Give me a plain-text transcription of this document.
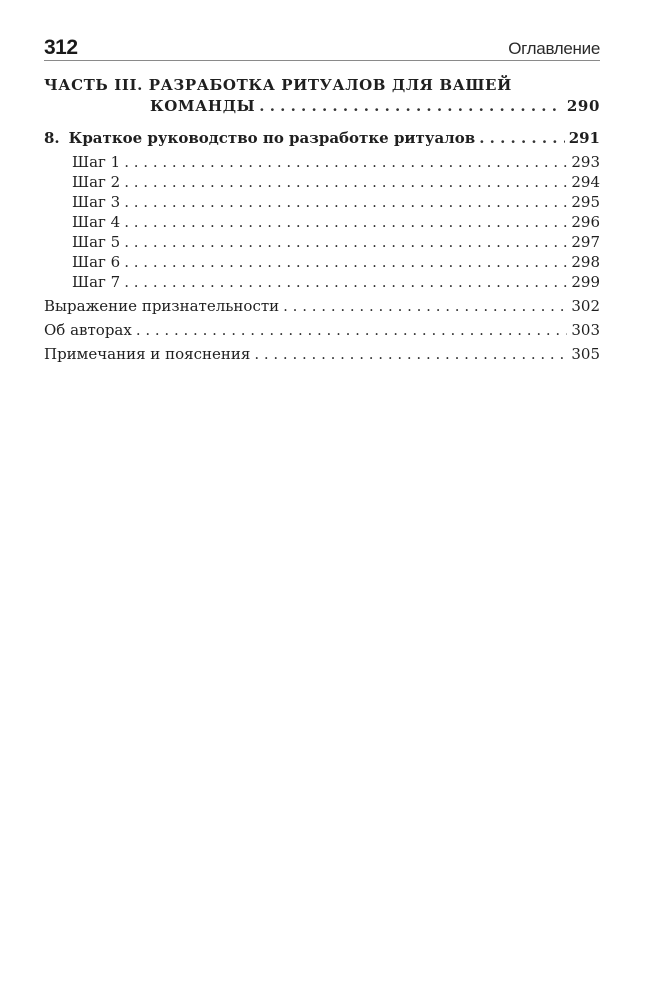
312	Оглавление
ЧАСТЬ III. РАЗРАБОТКА РИТУАЛОВ ДЛЯ ВАШЕЙ
КОМАНДЫ . . .	290
8. Краткое руководство по разработке ритуалов . . .	291
Шаг 1 . . .	293
Шаг 2 . . .	294
Шаг 3 . . .	295
Шаг 4 . . .	296
Шаг 5 . . .	297
Шаг 6 . . .	298
Шаг 7 . . .	299
Выражение признательности . . .	302
Об авторах . . .	303
Примечания и пояснения . . .	305
